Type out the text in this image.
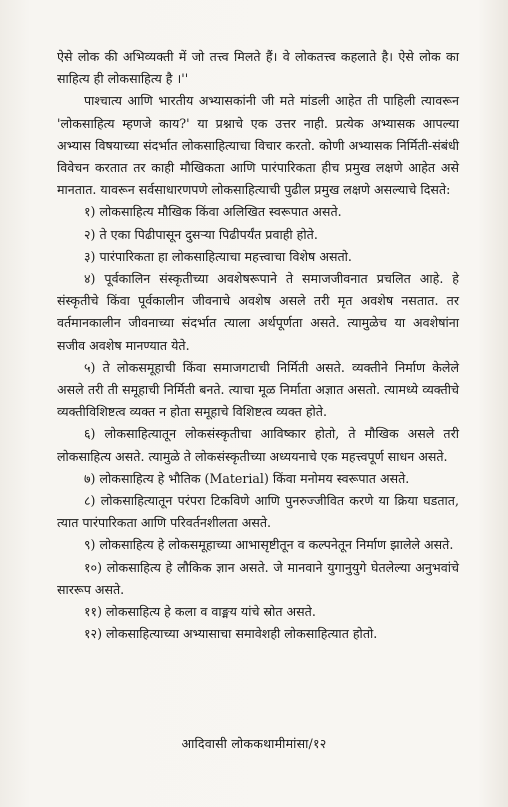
ऐसे लोक की अभिव्यक्ती में जो तत्त्व मिलते हैं। वे लोकतत्त्व कहलाते है। ऐसे लोक का साहित्य ही लोकसाहित्य है ।''

पाश्चात्य आणि भारतीय अभ्यासकांनी जी मते मांडली आहेत ती पाहिली त्यावरून 'लोकसाहित्य म्हणजे काय?' या प्रश्नाचे एक उत्तर नाही. प्रत्येक अभ्यासक आपल्या अभ्यास विषयाच्या संदर्भात लोकसाहित्याचा विचार करतो. कोणी अभ्यासक निर्मिती-संबंधी विवेचन करतात तर काही मौखिकता आणि पारंपारिकता हीच प्रमुख लक्षणे आहेत असे मानतात. यावरून सर्वसाधारणपणे लोकसाहित्याची पुढील प्रमुख लक्षणे असल्याचे दिसते:

१) लोकसाहित्य मौखिक किंवा अलिखित स्वरूपात असते.

२) ते एका पिढीपासून दुसऱ्या पिढीपर्यंत प्रवाही होते.

३) पारंपारिकता हा लोकसाहित्याचा महत्त्वाचा विशेष असतो.

४) पूर्वकालिन संस्कृतीच्या अवशेषरूपाने ते समाजजीवनात प्रचलित आहे. हे संस्कृतीचे किंवा पूर्वकालीन जीवनाचे अवशेष असले तरी मृत अवशेष नसतात. तर वर्तमानकालीन जीवनाच्या संदर्भात त्याला अर्थपूर्णता असते. त्यामुळेच या अवशेषांना सजीव अवशेष मानण्यात येते.

५) ते लोकसमूहाची किंवा समाजगटाची निर्मिती असते. व्यक्तीने निर्माण केलेले असले तरी ती समूहाची निर्मिती बनते. त्याचा मूळ निर्माता अज्ञात असतो. त्यामध्ये व्यक्तीचे व्यक्तीविशिष्टत्व व्यक्त न होता समूहाचे विशिष्टत्व व्यक्त होते.

६) लोकसाहित्यातून लोकसंस्कृतीचा आविष्कार होतो, ते मौखिक असले तरी लोकसाहित्य असते. त्यामुळे ते लोकसंस्कृतीच्या अध्ययनाचे एक महत्त्वपूर्ण साधन असते.

७) लोकसाहित्य हे भौतिक (Material) किंवा मनोमय स्वरूपात असते.

८) लोकसाहित्यातून परंपरा टिकविणे आणि पुनरुज्जीवित करणे या क्रिया घडतात, त्यात पारंपारिकता आणि परिवर्तनशीलता असते.

९) लोकसाहित्य हे लोकसमूहाच्या आभासृष्टीतून व कल्पनेतून निर्माण झालेले असते.

१०) लोकसाहित्य हे लौकिक ज्ञान असते. जे मानवाने युगानुयुगे घेतलेल्या अनुभवांचे साररूप असते.

११) लोकसाहित्य हे कला व वाङ्मय यांचे स्रोत असते.

१२) लोकसाहित्याच्या अभ्यासाचा समावेशही लोकसाहित्यात होतो.

आदिवासी लोककथामीमांसा/१२
